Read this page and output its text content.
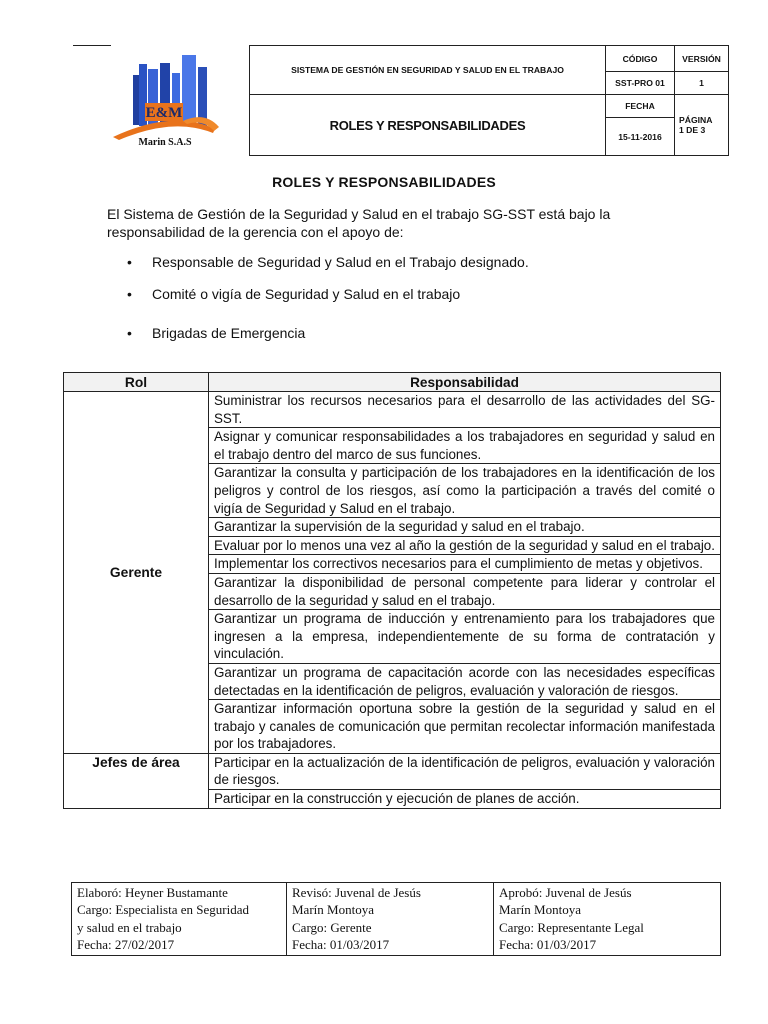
E&M
Marin S.A.S
SISTEMA DE GESTIÓN EN SEGURIDAD Y SALUD EN EL TRABAJO
ROLES Y RESPONSABILIDADES
CÓDIGO	VERSIÓN
SST-PRO 01	1
FECHA
15-11-2016
PÁGINA
1 DE 3
ROLES Y RESPONSABILIDADES
El Sistema de Gestión de la Seguridad y Salud en el trabajo SG-SST está bajo la
responsabilidad de la gerencia con el apoyo de:
• Responsable de Seguridad y Salud en el Trabajo designado.
• Comité o vigía de Seguridad y Salud en el trabajo
• Brigadas de Emergencia
Rol	Responsabilidad
Gerente	Suministrar los recursos necesarios para el desarrollo de las actividades del SG-SST.
	Asignar y comunicar responsabilidades a los trabajadores en seguridad y salud en el trabajo dentro del marco de sus funciones.
	Garantizar la consulta y participación de los trabajadores en la identificación de los peligros y control de los riesgos, así como la participación a través del comité o vigía de Seguridad y Salud en el trabajo.
	Garantizar la supervisión de la seguridad y salud en el trabajo.
	Evaluar por lo menos una vez al año la gestión de la seguridad y salud en el trabajo.
	Implementar los correctivos necesarios para el cumplimiento de metas y objetivos.
	Garantizar la disponibilidad de personal competente para liderar y controlar el desarrollo de la seguridad y salud en el trabajo.
	Garantizar un programa de inducción y entrenamiento para los trabajadores que ingresen a la empresa, independientemente de su forma de contratación y vinculación.
	Garantizar un programa de capacitación acorde con las necesidades específicas detectadas en la identificación de peligros, evaluación y valoración de riesgos.
	Garantizar información oportuna sobre la gestión de la seguridad y salud en el trabajo y canales de comunicación que permitan recolectar información manifestada por los trabajadores.
Jefes de área	Participar en la actualización de la identificación de peligros, evaluación y valoración de riesgos.
	Participar en la construcción y ejecución de planes de acción.
Elaboró: Heyner Bustamante
Cargo: Especialista en Seguridad
y salud en el trabajo
Fecha: 27/02/2017

Revisó: Juvenal de Jesús
Marín Montoya
Cargo: Gerente
Fecha: 01/03/2017

Aprobó: Juvenal de Jesús
Marín Montoya
Cargo: Representante Legal
Fecha: 01/03/2017
